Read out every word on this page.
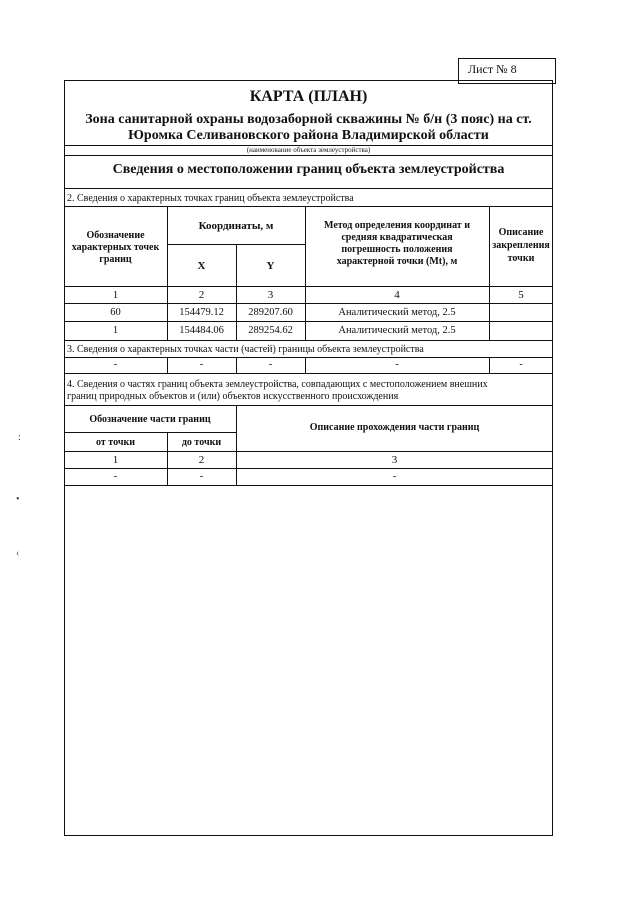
Лист № 8
КАРТА (ПЛАН)
Зона санитарной охраны водозаборной скважины № б/н (3 пояс) на ст.
Юромка Селивановского района Владимирской области
(наименование объекта землеустройства)
Сведения о местоположении границ объекта землеустройства
2. Сведения о характерных точках границ объекта землеустройства
Обозначение
характерных точек
границ
Координаты, м
X	Y
Метод определения координат и
средняя квадратическая
погрешность положения
характерной точки (Мt), м
Описание
закрепления
точки
1	2	3	4	5
60	154479.12	289207.60	Аналитический метод, 2.5
1	154484.06	289254.62	Аналитический метод, 2.5
3. Сведения о характерных точках части (частей) границы объекта землеустройства
-	-	-	-	-
4. Сведения о частях границ объекта землеустройства, совпадающих с местоположением внешних
границ природных объектов и (или) объектов искусственного происхождения
Обозначение части границ
от точки	до точки
Описание прохождения части границ
1	2	3
-	-	-
:
•
‹
